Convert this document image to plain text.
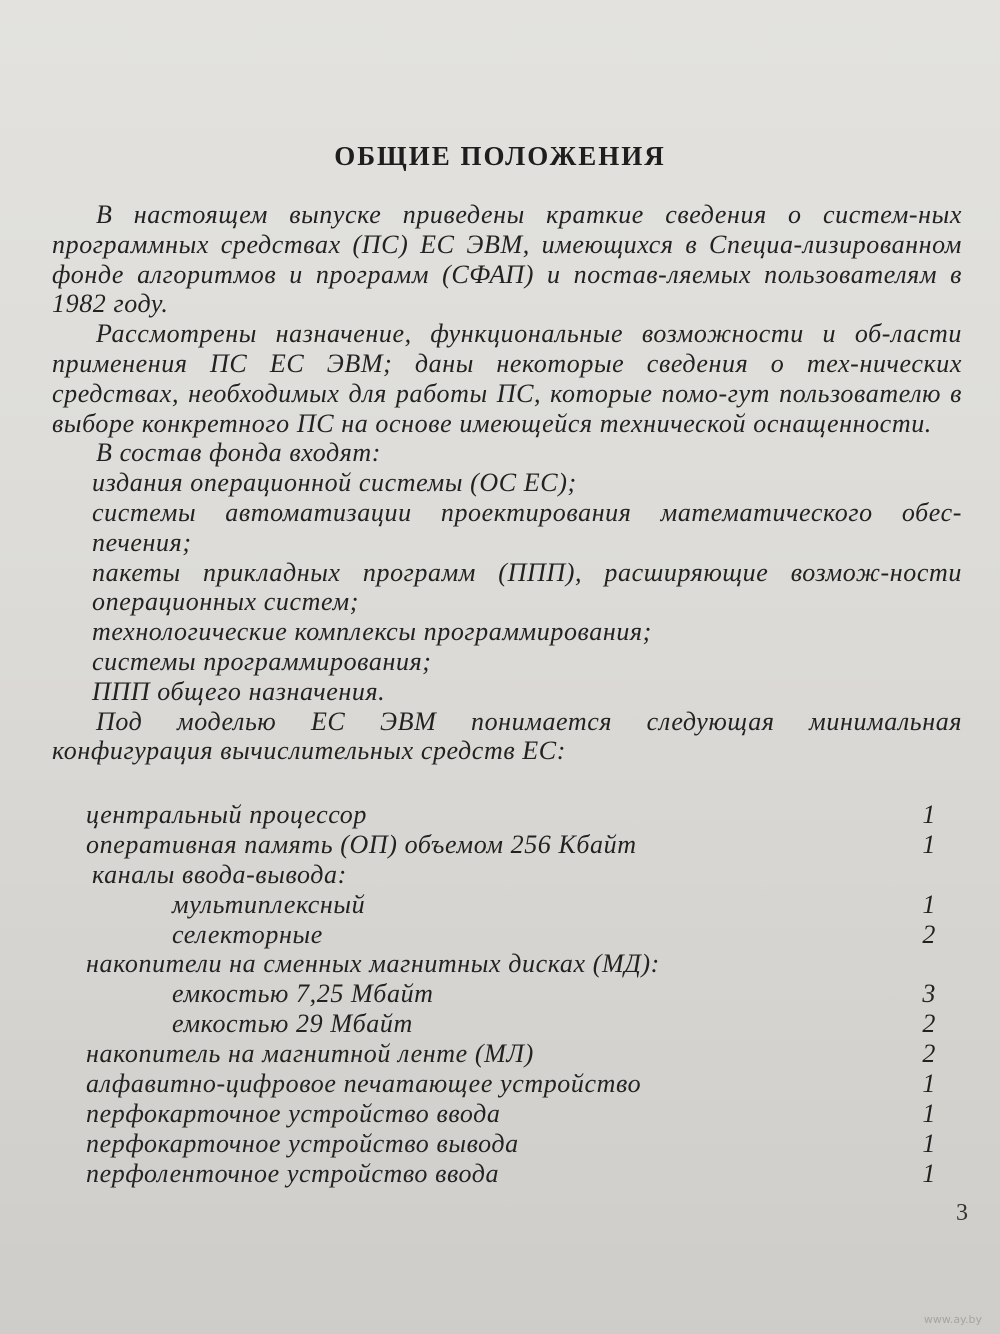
ОБЩИЕ ПОЛОЖЕНИЯ

В настоящем выпуске приведены краткие сведения о систем-ных программных средствах (ПС) ЕС ЭВМ, имеющихся в Специа-лизированном фонде алгоритмов и программ (СФАП) и постав-ляемых пользователям в 1982 году.

Рассмотрены назначение, функциональные возможности и об-ласти применения ПС ЕС ЭВМ; даны некоторые сведения о тех-нических средствах, необходимых для работы ПС, которые помо-гут пользователю в выборе конкретного ПС на основе имеющейся технической оснащенности.

В состав фонда входят:

издания операционной системы (ОС ЕС);

системы автоматизации проектирования математического обес-печения;

пакеты прикладных программ (ППП), расширяющие возмож-ности операционных систем;

технологические комплексы программирования;

системы программирования;

ППП общего назначения.

Под моделью ЕС ЭВМ понимается следующая минимальная конфигурация вычислительных средств ЕС:

центральный процессор	1
оперативная память (ОП) объемом 256 Кбайт	1
каналы ввода-вывода:
мультиплексный	1
селекторные	2
накопители на сменных магнитных дисках (МД):
емкостью 7,25 Мбайт	3
емкостью 29 Мбайт	2
накопитель на магнитной ленте (МЛ)	2
алфавитно-цифровое печатающее устройство	1
перфокарточное устройство ввода	1
перфокарточное устройство вывода	1
перфоленточное устройство ввода	1
3
www.ay.by
